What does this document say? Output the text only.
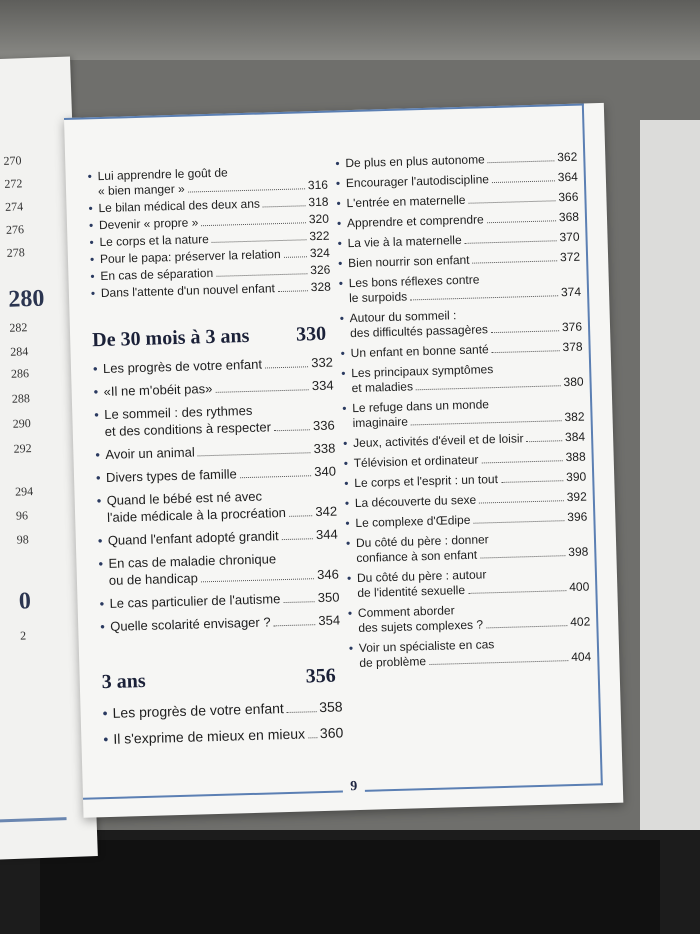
270
272
274
276
278
280
282
284
286
288
290
292
294
96
98
0
2
9
• Lui apprendre le goût de
« bien manger »	316
• Le bilan médical des deux ans	318
• Devenir « propre »	320
• Le corps et la nature	322
• Pour le papa: préserver la relation 324
• En cas de séparation	326
• Dans l'attente d'un nouvel enfant	328
De 30 mois à 3 ans 330
• Les progrès de votre enfant	332
• «Il ne m'obéit pas»	334
• Le sommeil : des rythmes
et des conditions à respecter	336
• Avoir un animal	338
• Divers types de famille	340
• Quand le bébé est né avec
l'aide médicale à la procréation 342
• Quand l'enfant adopté grandit	344
• En cas de maladie chronique
ou de handicap	346
• Le cas particulier de l'autisme	350
• Quelle scolarité envisager ?	354
3 ans	356
• Les progrès de votre enfant 358
• Il s'exprime de mieux en mieux 360
• De plus en plus autonome	362
• Encourager l'autodiscipline	364
• L'entrée en maternelle	366
• Apprendre et comprendre	368
• La vie à la maternelle	370
• Bien nourrir son enfant	372
• Les bons réflexes contre
le surpoids	374
• Autour du sommeil :
des difficultés passagères	376
• Un enfant en bonne santé	378
• Les principaux symptômes
et maladies	380
• Le refuge dans un monde
imaginaire	382
• Jeux, activités d'éveil et de loisir	384
• Télévision et ordinateur	388
• Le corps et l'esprit : un tout	390
• La découverte du sexe	392
• Le complexe d'Œdipe	396
• Du côté du père : donner
confiance à son enfant	398
• Du côté du père : autour
de l'identité sexuelle	400
• Comment aborder
des sujets complexes ?	402
• Voir un spécialiste en cas
de problème	404
